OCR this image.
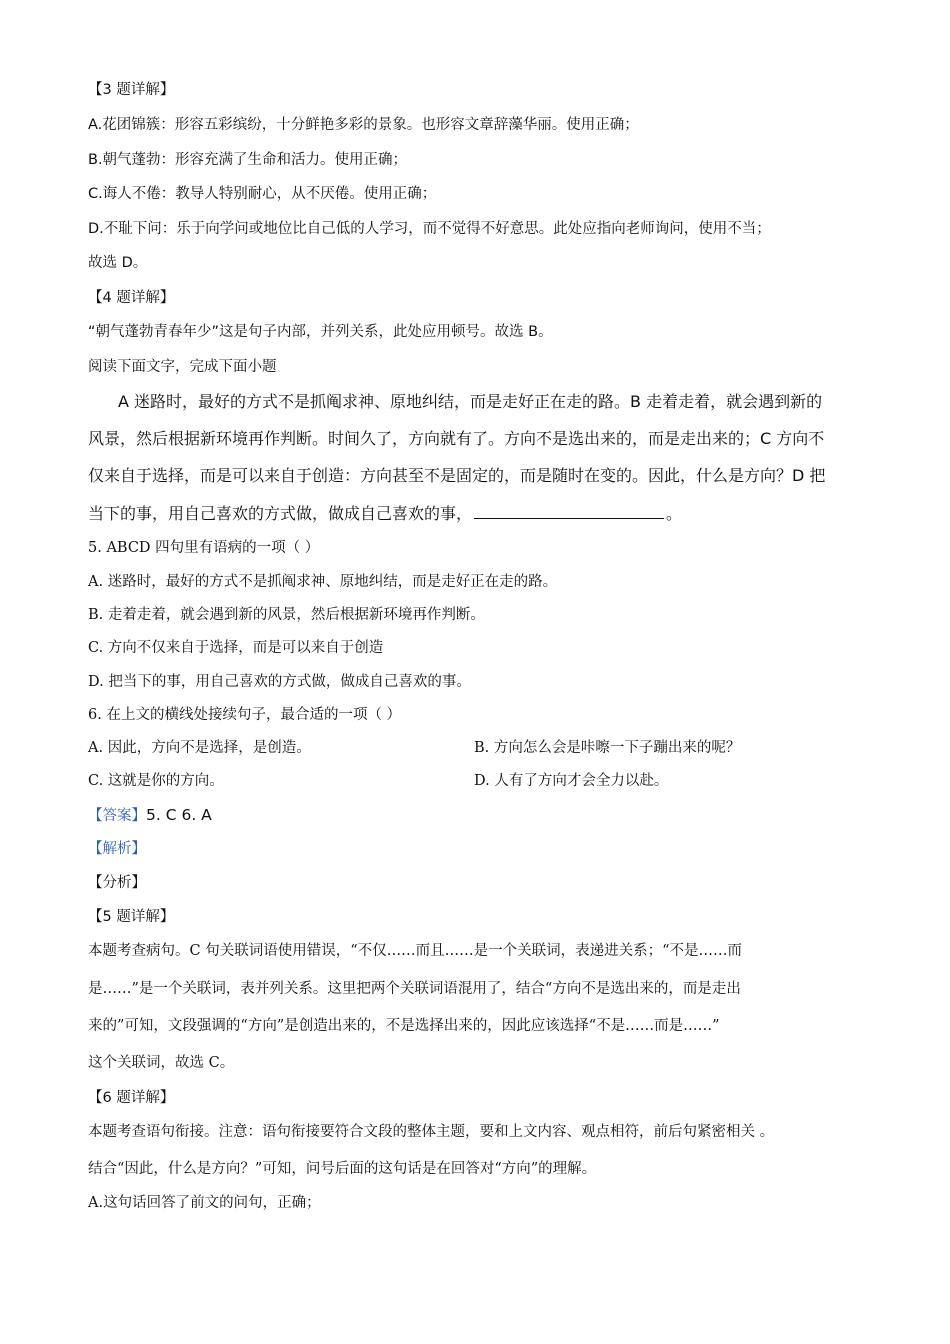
【3 题详解】
A.花团锦簇：形容五彩缤纷，十分鲜艳多彩的景象。也形容文章辞藻华丽。使用正确；
B.朝气蓬勃：形容充满了生命和活力。使用正确；
C.诲人不倦：教导人特别耐心，从不厌倦。使用正确；
D.不耻下问：乐于向学问或地位比自己低的人学习，而不觉得不好意思。此处应指向老师询问，使用不当；
故选 D。
【4 题详解】
“朝气蓬勃青春年少”这是句子内部，并列关系，此处应用顿号。故选 B。
阅读下面文字，完成下面小题
A 迷路时，最好的方式不是抓阄求神、原地纠结，而是走好正在走的路。B 走着走着，就会遇到新的
风景，然后根据新环境再作判断。时间久了，方向就有了。方向不是选出来的，而是走出来的；C 方向不
仅来自于选择，而是可以来自于创造：方向甚至不是固定的，而是随时在变的。因此，什么是方向？D 把
当下的事，用自己喜欢的方式做，做成自己喜欢的事，	。
5. ABCD 四句里有语病的一项（ ）
A. 迷路时，最好的方式不是抓阄求神、原地纠结，而是走好正在走的路。
B. 走着走着，就会遇到新的风景，然后根据新环境再作判断。
C. 方向不仅来自于选择，而是可以来自于创造
D. 把当下的事，用自己喜欢的方式做，做成自己喜欢的事。
6. 在上文的横线处接续句子，最合适的一项（ ）
A. 因此，方向不是选择，是创造。	B. 方向怎么会是咔嚓一下子蹦出来的呢？
C. 这就是你的方向。	D. 人有了方向才会全力以赴。
【答案】5. C 6. A
【解析】
【分析】
【5 题详解】
本题考查病句。C 句关联词语使用错误，“不仅……而且……是一个关联词，表递进关系；“不是……而
是……”是一个关联词，表并列关系。这里把两个关联词语混用了，结合“方向不是选出来的，而是走出
来的”可知，文段强调的“方向”是创造出来的，不是选择出来的，因此应该选择“不是……而是……”
这个关联词，故选 C。
【6 题详解】
本题考查语句衔接。注意：语句衔接要符合文段的整体主题，要和上文内容、观点相符，前后句紧密相关 。
结合“因此，什么是方向？”可知，问号后面的这句话是在回答对“方向”的理解。
A.这句话回答了前文的问句，正确；
